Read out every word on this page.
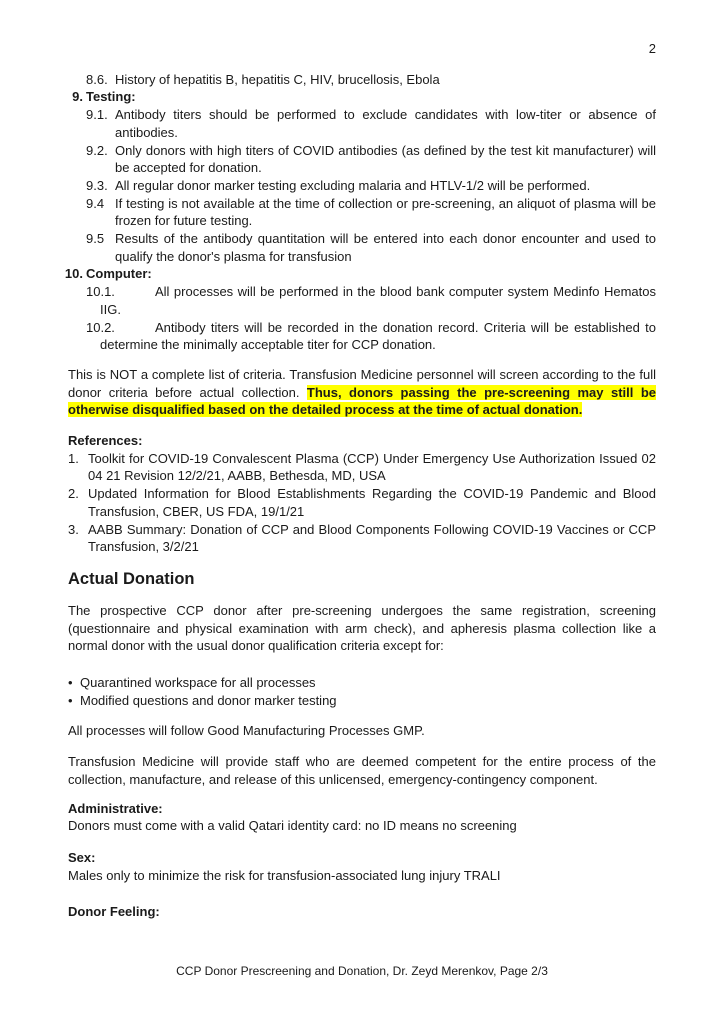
2
8.6. History of hepatitis B, hepatitis C, HIV, brucellosis, Ebola
9. Testing:
9.1. Antibody titers should be performed to exclude candidates with low-titer or absence of antibodies.
9.2. Only donors with high titers of COVID antibodies (as defined by the test kit manufacturer) will be accepted for donation.
9.3. All regular donor marker testing excluding malaria and HTLV-1/2 will be performed.
9.4 If testing is not available at the time of collection or pre-screening, an aliquot of plasma will be frozen for future testing.
9.5 Results of the antibody quantitation will be entered into each donor encounter and used to qualify the donor's plasma for transfusion
10. Computer:
10.1.	All processes will be performed in the blood bank computer system Medinfo Hematos IIG.
10.2.	Antibody titers will be recorded in the donation record. Criteria will be established to determine the minimally acceptable titer for CCP donation.
This is NOT a complete list of criteria. Transfusion Medicine personnel will screen according to the full donor criteria before actual collection. Thus, donors passing the pre-screening may still be otherwise disqualified based on the detailed process at the time of actual donation.
References:
1. Toolkit for COVID-19 Convalescent Plasma (CCP) Under Emergency Use Authorization Issued 02 04 21 Revision 12/2/21, AABB, Bethesda, MD, USA
2. Updated Information for Blood Establishments Regarding the COVID-19 Pandemic and Blood Transfusion, CBER, US FDA, 19/1/21
3. AABB Summary: Donation of CCP and Blood Components Following COVID-19 Vaccines or CCP Transfusion, 3/2/21
Actual Donation
The prospective CCP donor after pre-screening undergoes the same registration, screening (questionnaire and physical examination with arm check), and apheresis plasma collection like a normal donor with the usual donor qualification criteria except for:
• Quarantined workspace for all processes
• Modified questions and donor marker testing
All processes will follow Good Manufacturing Processes GMP.
Transfusion Medicine will provide staff who are deemed competent for the entire process of the collection, manufacture, and release of this unlicensed, emergency-contingency component.
Administrative:
Donors must come with a valid Qatari identity card: no ID means no screening
Sex:
Males only to minimize the risk for transfusion-associated lung injury TRALI
Donor Feeling:
CCP Donor Prescreening and Donation, Dr. Zeyd Merenkov, Page 2/3
